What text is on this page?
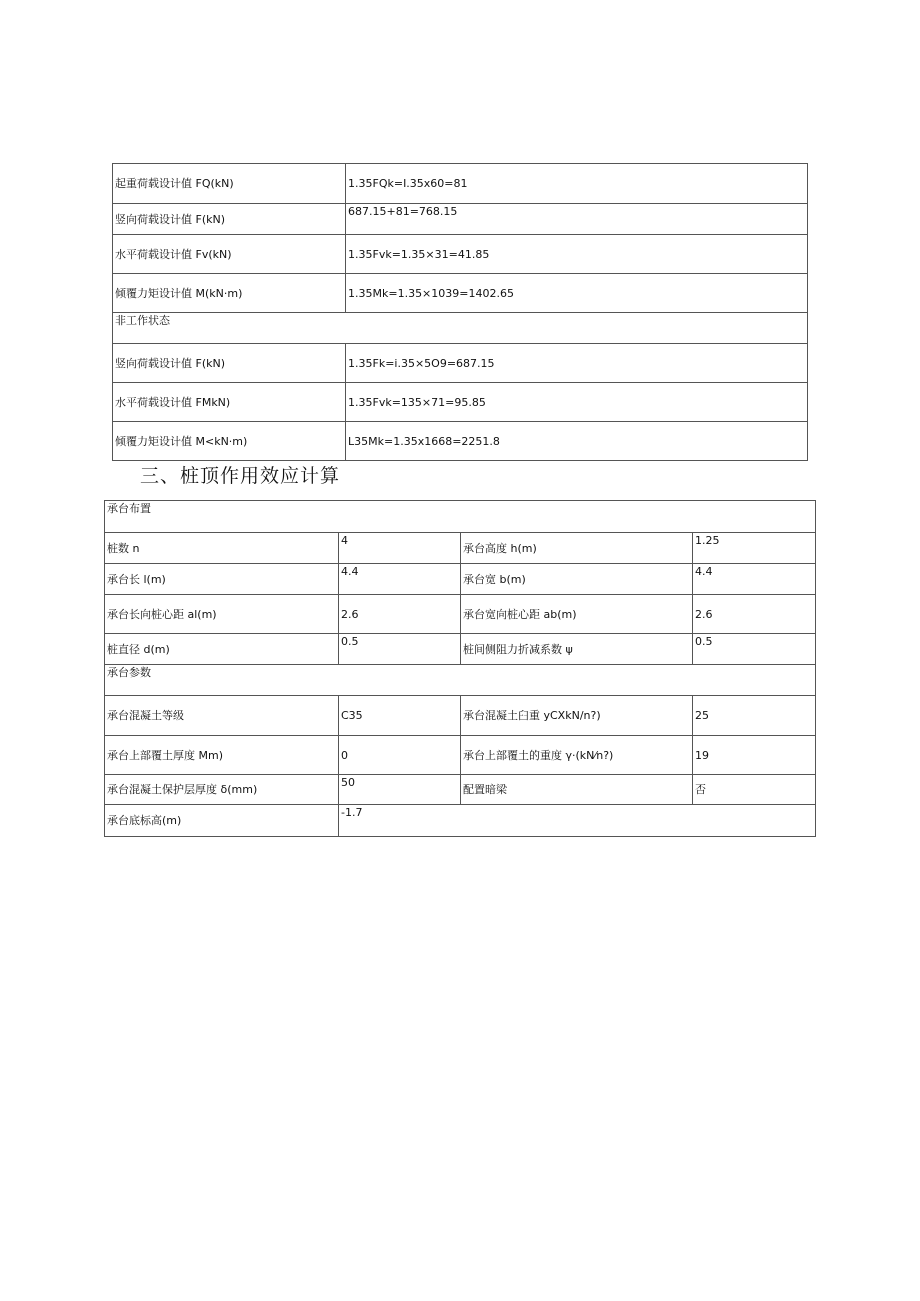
起重荷载设计值 FQ(kN)	1.35FQk=I.35x60=81
竖向荷载设计值 F(kN)	687.15+81=768.15
水平荷载设计值 Fv(kN)	1.35Fvk=1.35×31=41.85
倾覆力矩设计值 M(kN·m)	1.35Mk=1.35×1039=1402.65
非工作状态	
竖向荷载设计值 F(kN)	1.35Fk=i.35×5O9=687.15
水平荷载设计值 FMkN)	1.35Fvk=135×71=95.85
倾覆力矩设计值 M<kN·m)	L35Mk=1.35x1668=2251.8
三、桩顶作用效应计算
承台布置			
桩数 n	4	承台高度 h(m)	1.25
承台长 l(m)	4.4	承台宽 b(m)	4.4
承台长向桩心距 al(m)	2.6	承台宽向桩心距 ab(m)	2.6
桩直径 d(m)	0.5	桩间侧阻力折减系数 ψ	0.5
承台参数			
承台混凝土等级	C35	承台混凝土臼重 yCXkN/n?)	25
承台上部覆土厚度 Mm)	0	承台上部覆土的重度 γ·(kN⁄n?)	19
承台混凝土保护层厚度 δ(mm)	50	配置暗梁	否
承台底标高(m)	-1.7		
